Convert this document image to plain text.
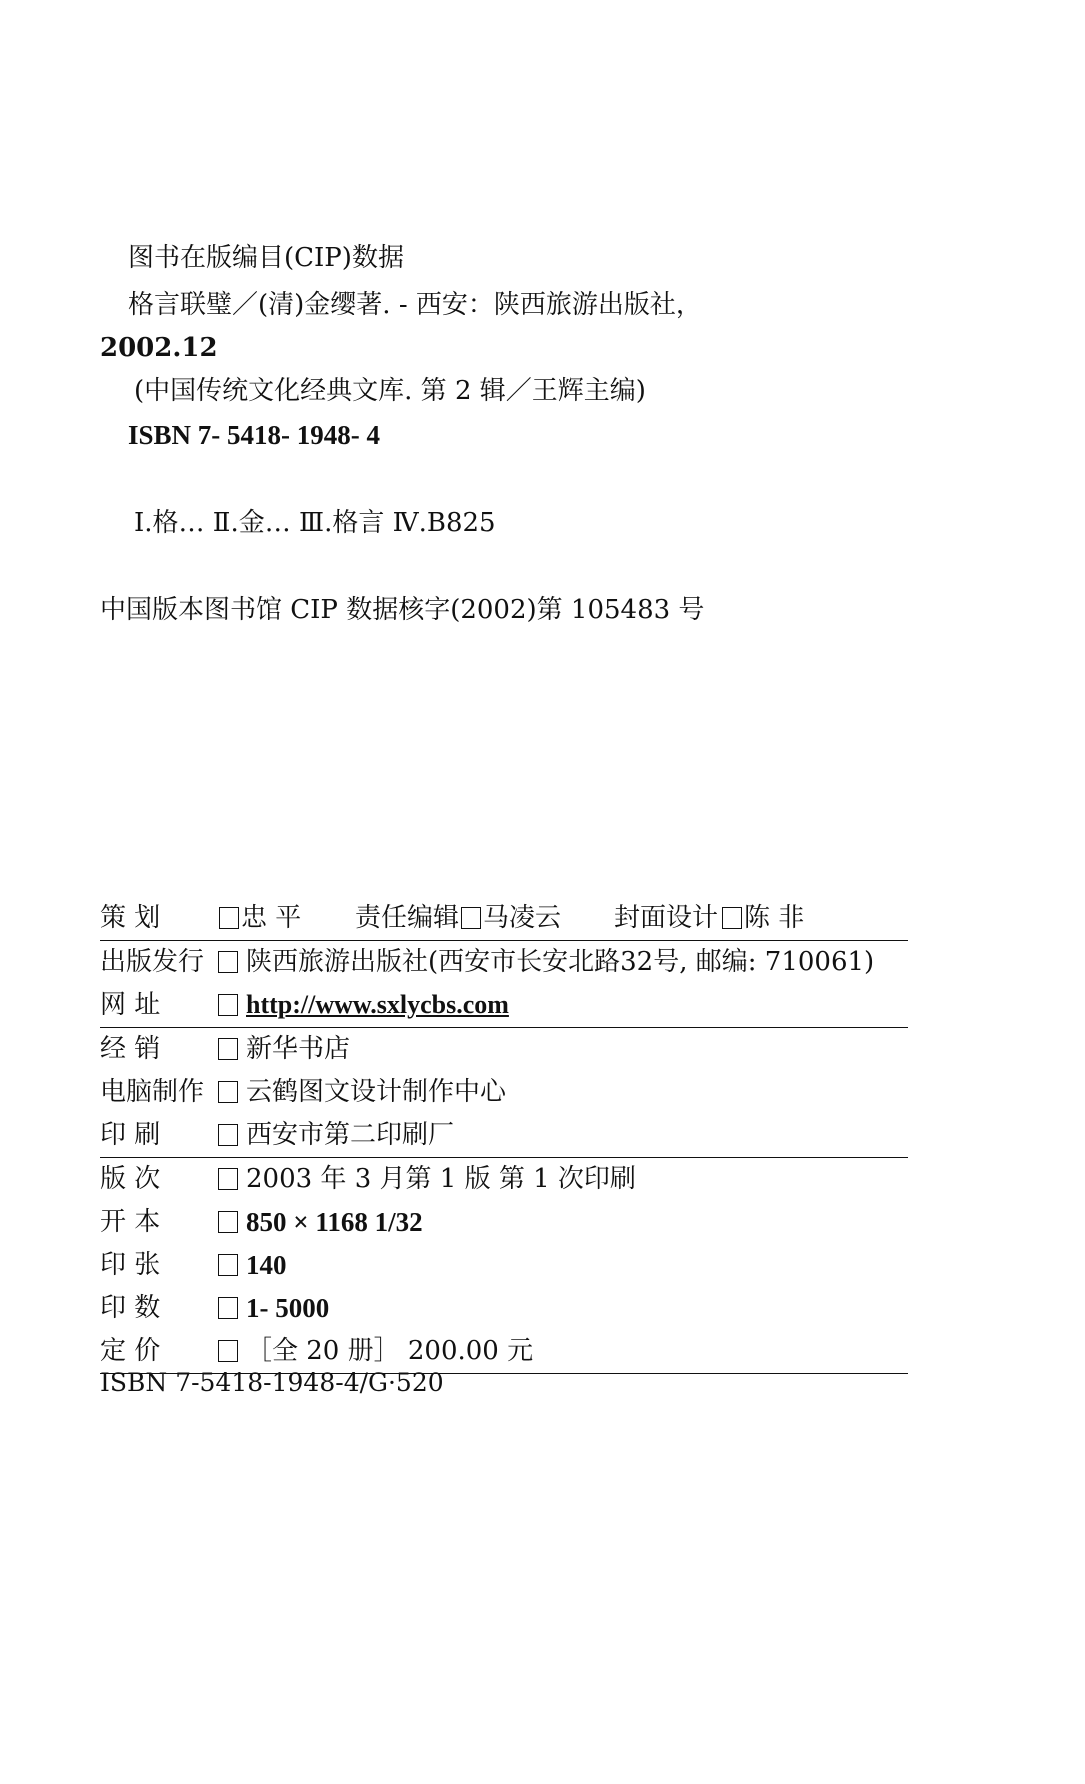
图书在版编目(CIP)数据
格言联璧／(清)金缨著. - 西安：陕西旅游出版社，
2002.12
(中国传统文化经典文库. 第 2 辑／王辉主编)
ISBN 7- 5418- 1948- 4
Ⅰ.格… Ⅱ.金… Ⅲ.格言 Ⅳ.B825
中国版本图书馆 CIP 数据核字(2002)第 105483 号
策 划	忠 平 责任编辑 马凌云 封面设计 陈 非
出版发行 陕西旅游出版社(西安市长安北路32号, 邮编: 710061)
网 址	http://www.sxlycbs.com
经 销	新华书店
电脑制作 云鹤图文设计制作中心
印 刷	西安市第二印刷厂
版 次	2003 年 3 月第 1 版 第 1 次印刷
开 本	850 × 1168 1/32
印 张	140
印 数	1- 5000
定 价	［全 20 册］ 200.00 元
ISBN 7-5418-1948-4/G·520
